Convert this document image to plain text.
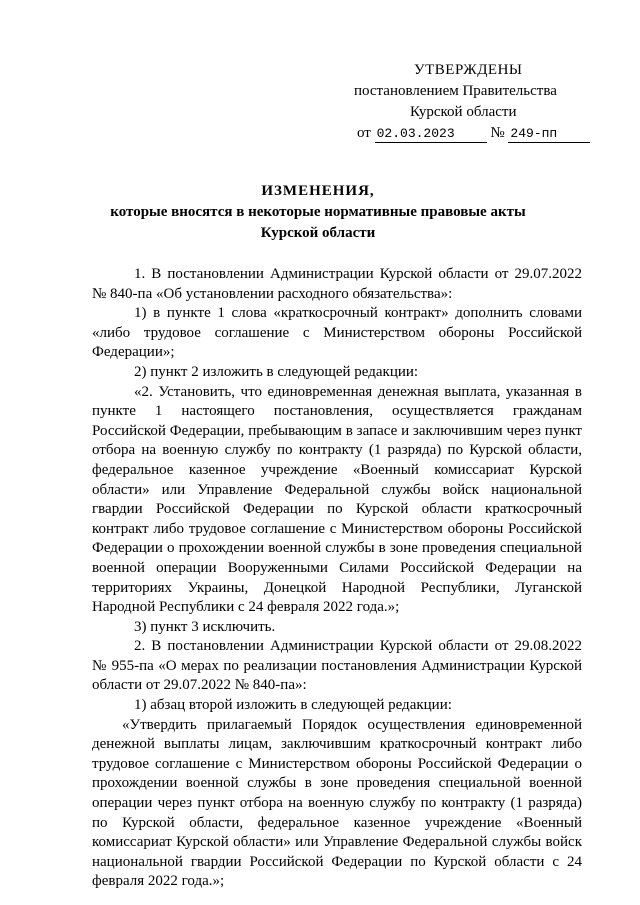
УТВЕРЖДЕНЫ
постановлением Правительства
Курской области
от 02.03.2023 № 249-пп
ИЗМЕНЕНИЯ,
которые вносятся в некоторые нормативные правовые акты
Курской области

1. В постановлении Администрации Курской области от 29.07.2022 № 840-па «Об установлении расходного обязательства»:

1) в пункте 1 слова «краткосрочный контракт» дополнить словами «либо трудовое соглашение с Министерством обороны Российской Федерации»;

2) пункт 2 изложить в следующей редакции:

«2. Установить, что единовременная денежная выплата, указанная в пункте 1 настоящего постановления, осуществляется гражданам Российской Федерации, пребывающим в запасе и заключившим через пункт отбора на военную службу по контракту (1 разряда) по Курской области, федеральное казенное учреждение «Военный комиссариат Курской области» или Управление Федеральной службы войск национальной гвардии Российской Федерации по Курской области краткосрочный контракт либо трудовое соглашение с Министерством обороны Российской Федерации о прохождении военной службы в зоне проведения специальной военной операции Вооруженными Силами Российской Федерации на территориях Украины, Донецкой Народной Республики, Луганской Народной Республики с 24 февраля 2022 года.»;

3) пункт 3 исключить.

2. В постановлении Администрации Курской области от 29.08.2022 № 955-па «О мерах по реализации постановления Администрации Курской области от 29.07.2022 № 840-па»:

1) абзац второй изложить в следующей редакции:

«Утвердить прилагаемый Порядок осуществления единовременной денежной выплаты лицам, заключившим краткосрочный контракт либо трудовое соглашение с Министерством обороны Российской Федерации о прохождении военной службы в зоне проведения специальной военной операции через пункт отбора на военную службу по контракту (1 разряда) по Курской области, федеральное казенное учреждение «Военный комиссариат Курской области» или Управление Федеральной службы войск национальной гвардии Российской Федерации по Курской области с 24 февраля 2022 года.»;
